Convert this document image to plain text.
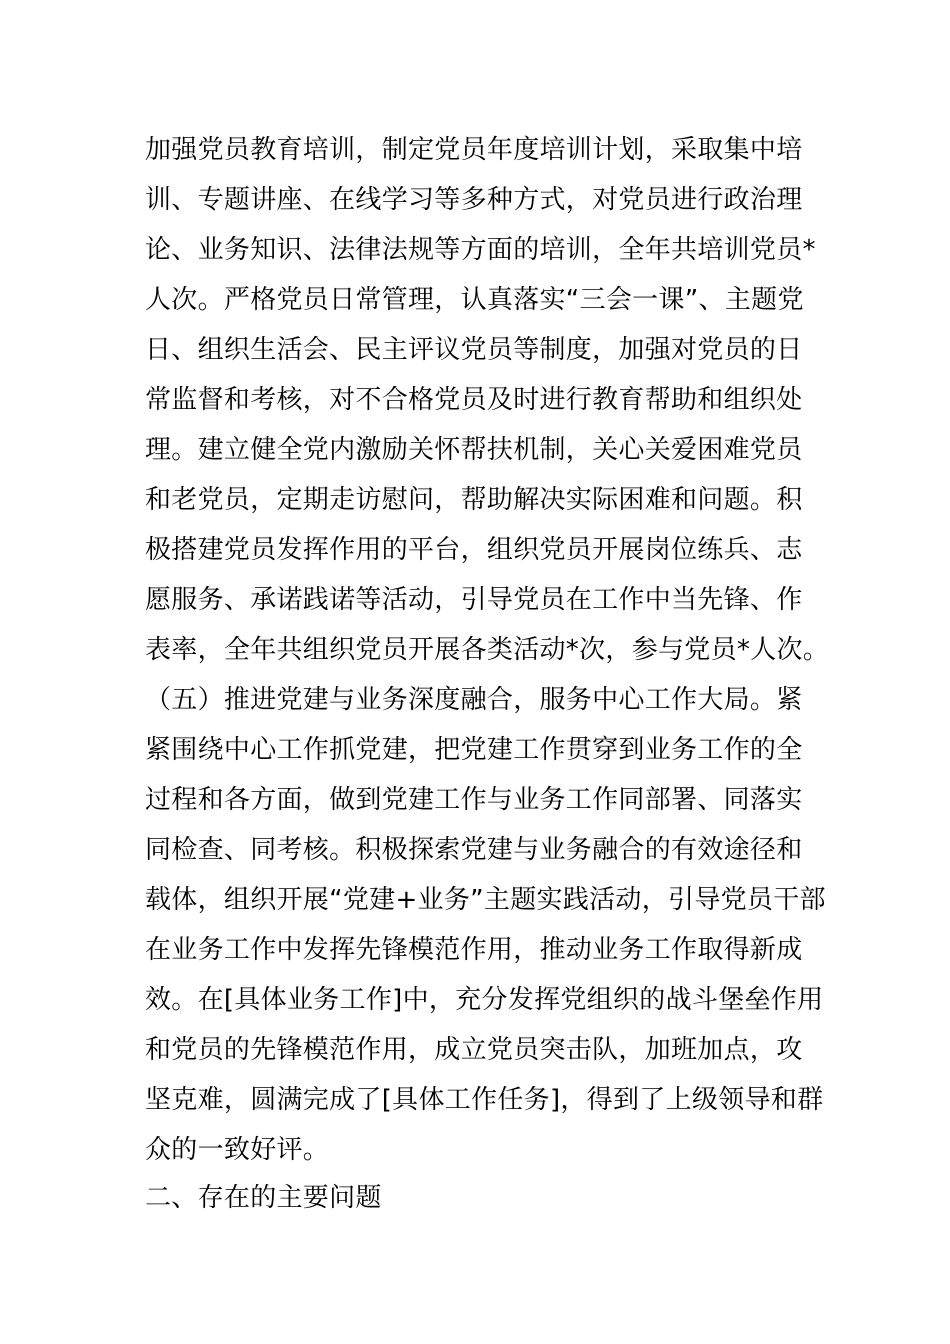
加强党员教育培训，制定党员年度培训计划，采取集中培
训、专题讲座、在线学习等多种方式，对党员进行政治理
论、业务知识、法律法规等方面的培训，全年共培训党员*
人次。严格党员日常管理，认真落实“三会一课”、主题党
日、组织生活会、民主评议党员等制度，加强对党员的日
常监督和考核，对不合格党员及时进行教育帮助和组织处
理。建立健全党内激励关怀帮扶机制，关心关爱困难党员
和老党员，定期走访慰问，帮助解决实际困难和问题。积
极搭建党员发挥作用的平台，组织党员开展岗位练兵、志
愿服务、承诺践诺等活动，引导党员在工作中当先锋、作
表率，全年共组织党员开展各类活动*次，参与党员*人次。
（五）推进党建与业务深度融合，服务中心工作大局。紧
紧围绕中心工作抓党建，把党建工作贯穿到业务工作的全
过程和各方面，做到党建工作与业务工作同部署、同落实
同检查、同考核。积极探索党建与业务融合的有效途径和
载体，组织开展“党建+业务”主题实践活动，引导党员干部
在业务工作中发挥先锋模范作用，推动业务工作取得新成
效。在[具体业务工作]中，充分发挥党组织的战斗堡垒作用
和党员的先锋模范作用，成立党员突击队，加班加点，攻
坚克难，圆满完成了[具体工作任务]，得到了上级领导和群
众的一致好评。
二、存在的主要问题
